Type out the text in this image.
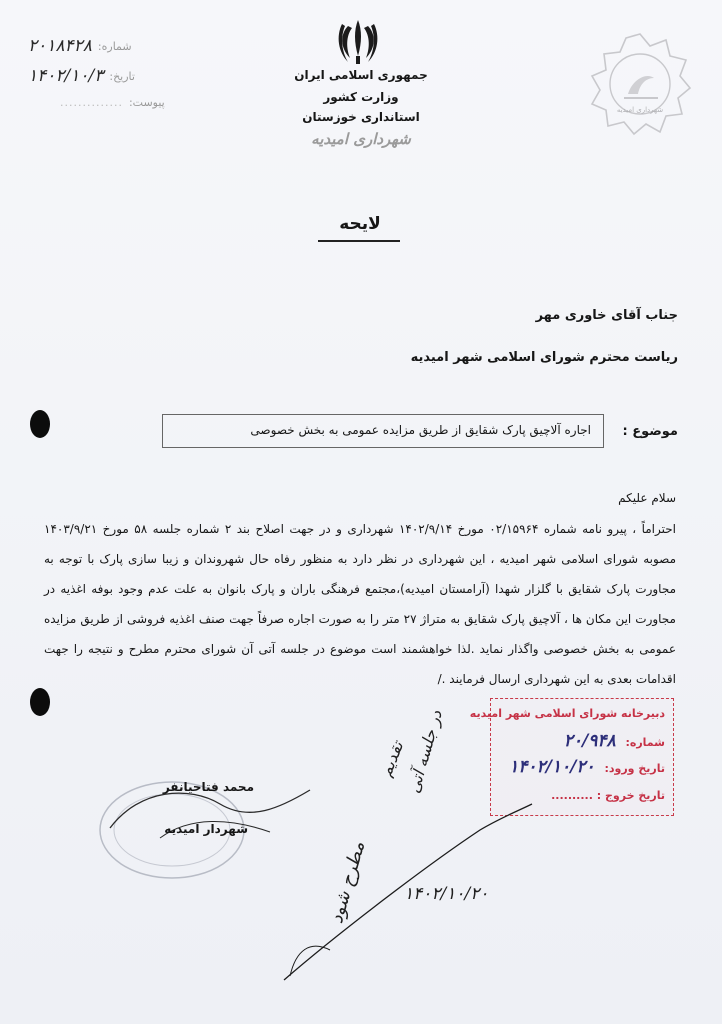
شماره:
۲۰۱۸۴۲۸
تاریخ:
۱۴۰۲/۱۰/۳
پیوست:
..............
جمهوری اسلامی ایران
وزارت کشور
استانداری خوزستان
شهرداری امیدیه
شهرداری امیدیه
لایحه
جناب آقای خاوری مهر
ریاست محترم شورای اسلامی شهر امیدیه
موضوع :
اجاره آلاچیق پارک شقایق از طریق مزایده عمومی به بخش خصوصی
سلام علیکم
احتراماً ، پیرو نامه شماره ۰۲/۱۵۹۶۴ مورخ ۱۴۰۲/۹/۱۴ شهرداری و در جهت اصلاح بند ۲ شماره جلسه ۵۸ مورخ ۱۴۰۳/۹/۲۱
مصوبه شورای اسلامی شهر امیدیه ، این شهرداری در نظر دارد به منظور رفاه حال شهروندان و زیبا سازی پارک با توجه به
مجاورت پارک شقایق با گلزار شهدا (آرامستان امیدیه)،مجتمع فرهنگی باران و پارک بانوان به علت عدم وجود بوفه اغذیه در
مجاورت این مکان ها ، آلاچیق پارک شقایق به متراژ ۲۷ متر را به صورت اجاره صرفاً جهت صنف اغذیه فروشی از طریق مزایده
عمومی به بخش خصوصی واگذار نماید .لذا خواهشمند است موضوع در جلسه آتی آن شورای محترم مطرح و نتیجه را جهت
اقدامات بعدی به این شهرداری ارسال فرمایند ./
دبیرخانه شورای اسلامی شهر امیدیه
شماره: ۲۰/۹۴۸
تاریخ ورود: ۱۴۰۲/۱۰/۲۰
تاریخ خروج : ..........
محمد فتاحیانفر
شهردار امیدیه
تقدیم
در جلسه آتی
مطرح شود ۱۴۰۲/۱۰/۲۰
